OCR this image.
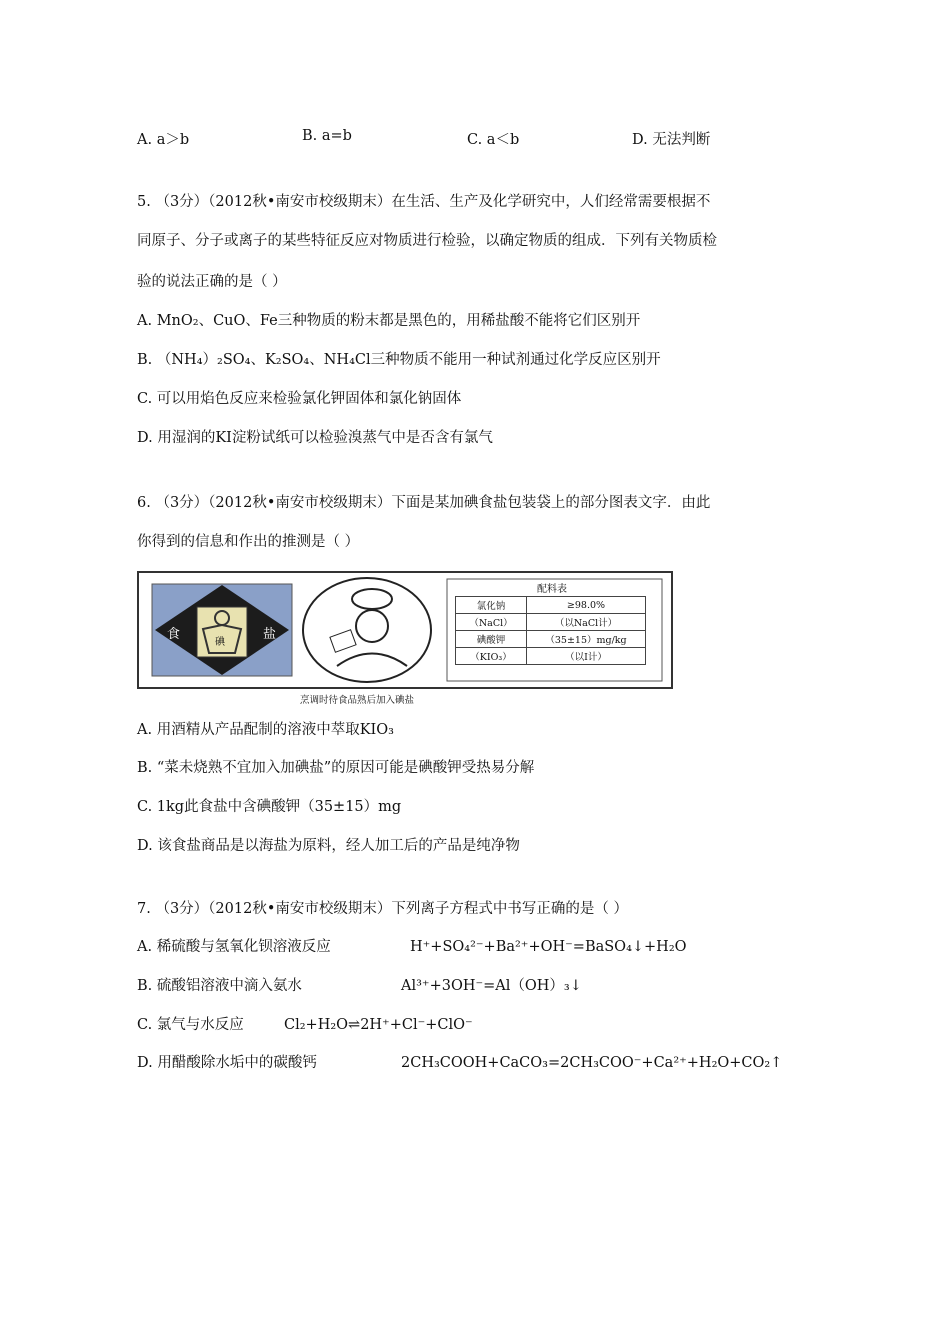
A. a＞b	B. a=b	C. a＜b	D. 无法判断
5. （3分）（2012秋•南安市校级期末）在生活、生产及化学研究中，人们经常需要根据不
同原子、分子或离子的某些特征反应对物质进行检验，以确定物质的组成．下列有关物质检
验的说法正确的是（ ）
A. MnO₂、CuO、Fe三种物质的粉末都是黑色的，用稀盐酸不能将它们区别开
B. （NH₄）₂SO₄、K₂SO₄、NH₄Cl三种物质不能用一种试剂通过化学反应区别开
C. 可以用焰色反应来检验氯化钾固体和氯化钠固体
D. 用湿润的KI淀粉试纸可以检验溴蒸气中是否含有氯气
6. （3分）（2012秋•南安市校级期末）下面是某加碘食盐包装袋上的部分图表文字．由此
你得到的信息和作出的推测是（ ）
食	盐
碘
配料表
氯化钠	≥98.0%
（NaCl）	（以NaCl计）
碘酸钾	（35±15）mg/kg
（KIO₃）	（以I计）
烹调时待食品熟后加入碘盐
A. 用酒精从产品配制的溶液中萃取KIO₃
B. “菜未烧熟不宜加入加碘盐”的原因可能是碘酸钾受热易分解
C. 1kg此食盐中含碘酸钾（35±15）mg
D. 该食盐商品是以海盐为原料，经人加工后的产品是纯净物
7. （3分）（2012秋•南安市校级期末）下列离子方程式中书写正确的是（ ）
A. 稀硫酸与氢氧化钡溶液反应	H⁺+SO₄²⁻+Ba²⁺+OH⁻=BaSO₄↓+H₂O
B. 硫酸铝溶液中滴入氨水	Al³⁺+3OH⁻=Al（OH）₃↓
C. 氯气与水反应	Cl₂+H₂O⇌2H⁺+Cl⁻+ClO⁻
D. 用醋酸除水垢中的碳酸钙	2CH₃COOH+CaCO₃=2CH₃COO⁻+Ca²⁺+H₂O+CO₂↑
